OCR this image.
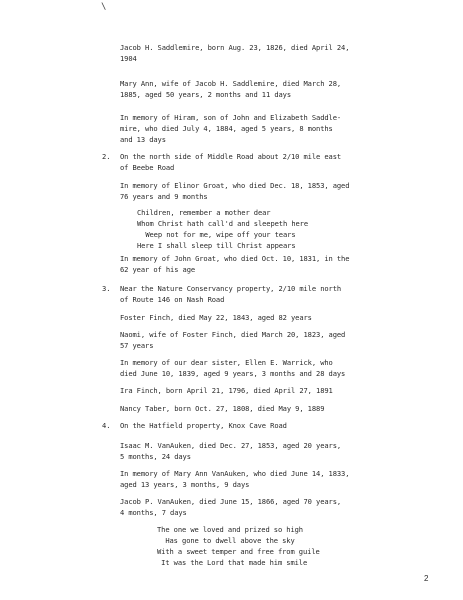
\

Jacob H. Saddlemire, born Aug. 23, 1826, died April 24,
1904

Mary Ann, wife of Jacob H. Saddlemire, died March 28,
1885, aged 50 years, 2 months and 11 days

In memory of Hiram, son of John and Elizabeth Saddle-
mire, who died July 4, 1884, aged 5 years, 8 months
and 13 days

2. On the north side of Middle Road about 2/10 mile east
of Beebe Road

In memory of Elinor Groat, who died Dec. 18, 1853, aged
76 years and 9 months

Children, remember a mother dear
Whom Christ hath call'd and sleepeth here
Weep not for me, wipe off your tears
Here I shall sleep till Christ appears

In memory of John Groat, who died Oct. 10, 1831, in the
62 year of his age

3. Near the Nature Conservancy property, 2/10 mile north
of Route 146 on Nash Road

Foster Finch, died May 22, 1843, aged 82 years

Naomi, wife of Foster Finch, died March 20, 1823, aged
57 years

In memory of our dear sister, Ellen E. Warrick, who
died June 10, 1839, aged 9 years, 3 months and 28 days

Ira Finch, born April 21, 1796, died April 27, 1891

Nancy Taber, born Oct. 27, 1808, died May 9, 1889

4. On the Hatfield property, Knox Cave Road

Isaac M. VanAuken, died Dec. 27, 1853, aged 20 years,
5 months, 24 days

In memory of Mary Ann VanAuken, who died June 14, 1833,
aged 13 years, 3 months, 9 days

Jacob P. VanAuken, died June 15, 1866, aged 70 years,
4 months, 7 days

The one we loved and prized so high
Has gone to dwell above the sky
With a sweet temper and free from guile
It was the Lord that made him smile

2
